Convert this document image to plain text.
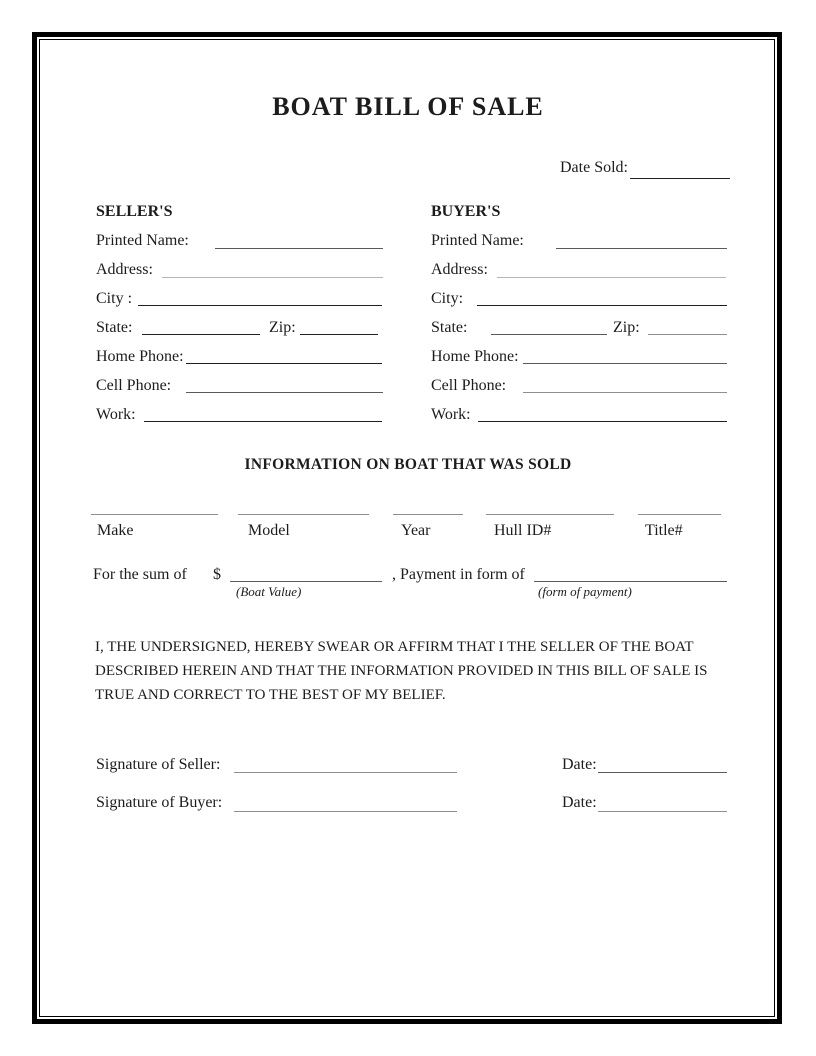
BOAT BILL OF SALE
Date Sold:
SELLER'S
Printed Name:
Address:
City :
State:	Zip:
Home Phone:
Cell Phone:
Work:
BUYER'S
Printed Name:
Address:
City:
State:	Zip:
Home Phone:
Cell Phone:
Work:
INFORMATION ON BOAT THAT WAS SOLD
Make	Model	Year	Hull ID#	Title#
For the sum of $
(Boat Value)
, Payment in form of
(form of payment)
I, THE UNDERSIGNED, HEREBY SWEAR OR AFFIRM THAT I THE SELLER OF THE BOAT
DESCRIBED HEREIN AND THAT THE INFORMATION PROVIDED IN THIS BILL OF SALE IS
TRUE AND CORRECT TO THE BEST OF MY BELIEF.
Signature of Seller:	Date:
Signature of Buyer:	Date:
